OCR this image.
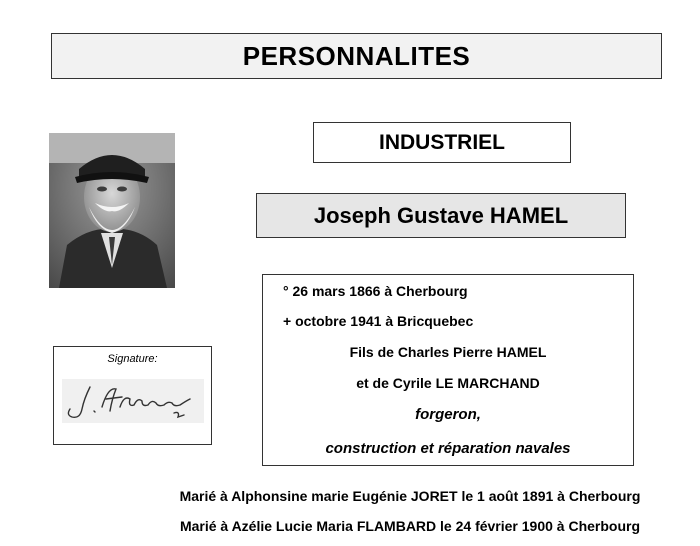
PERSONNALITES
INDUSTRIEL
Joseph Gustave HAMEL
Signature:
° 26 mars 1866 à Cherbourg
+ octobre 1941 à Bricquebec
Fils de Charles Pierre HAMEL
et de Cyrile LE MARCHAND
forgeron,
construction et réparation navales
Marié à Alphonsine marie Eugénie JORET le 1 août 1891 à Cherbourg
Marié à Azélie Lucie Maria FLAMBARD le 24 février 1900 à Cherbourg
